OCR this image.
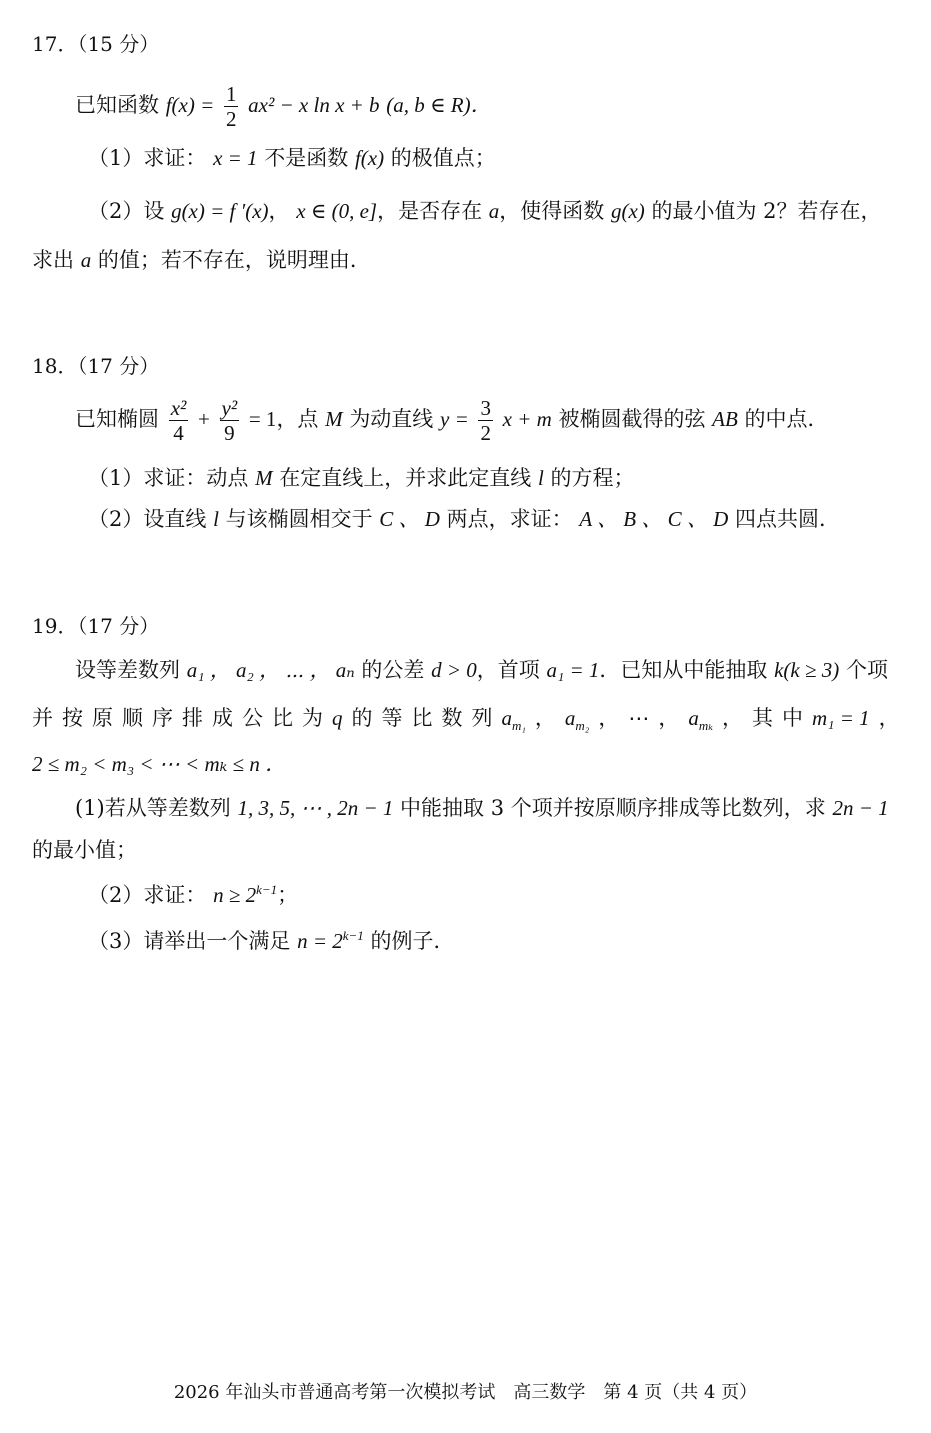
17．（15 分）
已知函数 $f(x) = \frac{1}{2} ax^2 - x$ ln x + b (a, b ∈ R)．
（1）求证： x = 1 不是函数 f(x) 的极值点；
（2）设 g(x) = f ′(x)， x ∈ (0, e]，是否存在 a，使得函数 g(x) 的最小值为 2？若存在，
求出 a 的值；若不存在，说明理由．
18．（17 分）
已知椭圆 $\frac{\text{x²}}{4} + \frac{\text{y²}}{9} = 1$，点 M 为动直线 $y = \frac{3}{2}$ x + m 被椭圆截得的弦 AB 的中点．
（1）求证：动点 M 在定直线上，并求此定直线 l 的方程；
（2）设直线 l 与该椭圆相交于 C 、 D 两点，求证： A 、 B 、 C 、 D 四点共圆．
19．（17 分）
设等差数列 a₁ ， a₂ ， ⋯ ， aₙ 的公差 d > 0，首项 a₁ = 1．已知从中能抽取 k(k ≥ 3) 个项
并 按 原 顺 序 排 成 公 比 为 q 的 等 比 数 列 $a_{m_1}$ ， $a_{m_2}$ ， ⋯ ， $a_{m_k}$ ， 其 中 m₁ = 1 ，
2 ≤ m₂ < m₃ < ⋯ < mₖ ≤ n ．
(1)若从等差数列 1, 3, 5, ⋯ , 2n − 1 中能抽取 3 个项并按原顺序排成等比数列，求 2n − 1
的最小值；
（2）求证： $n \ge 2^{k-1}$；
（3）请举出一个满足 $n = 2^{k-1}$ 的例子．
2026 年汕头市普通高考第一次模拟考试　高三数学　第 4 页（共 4 页）
